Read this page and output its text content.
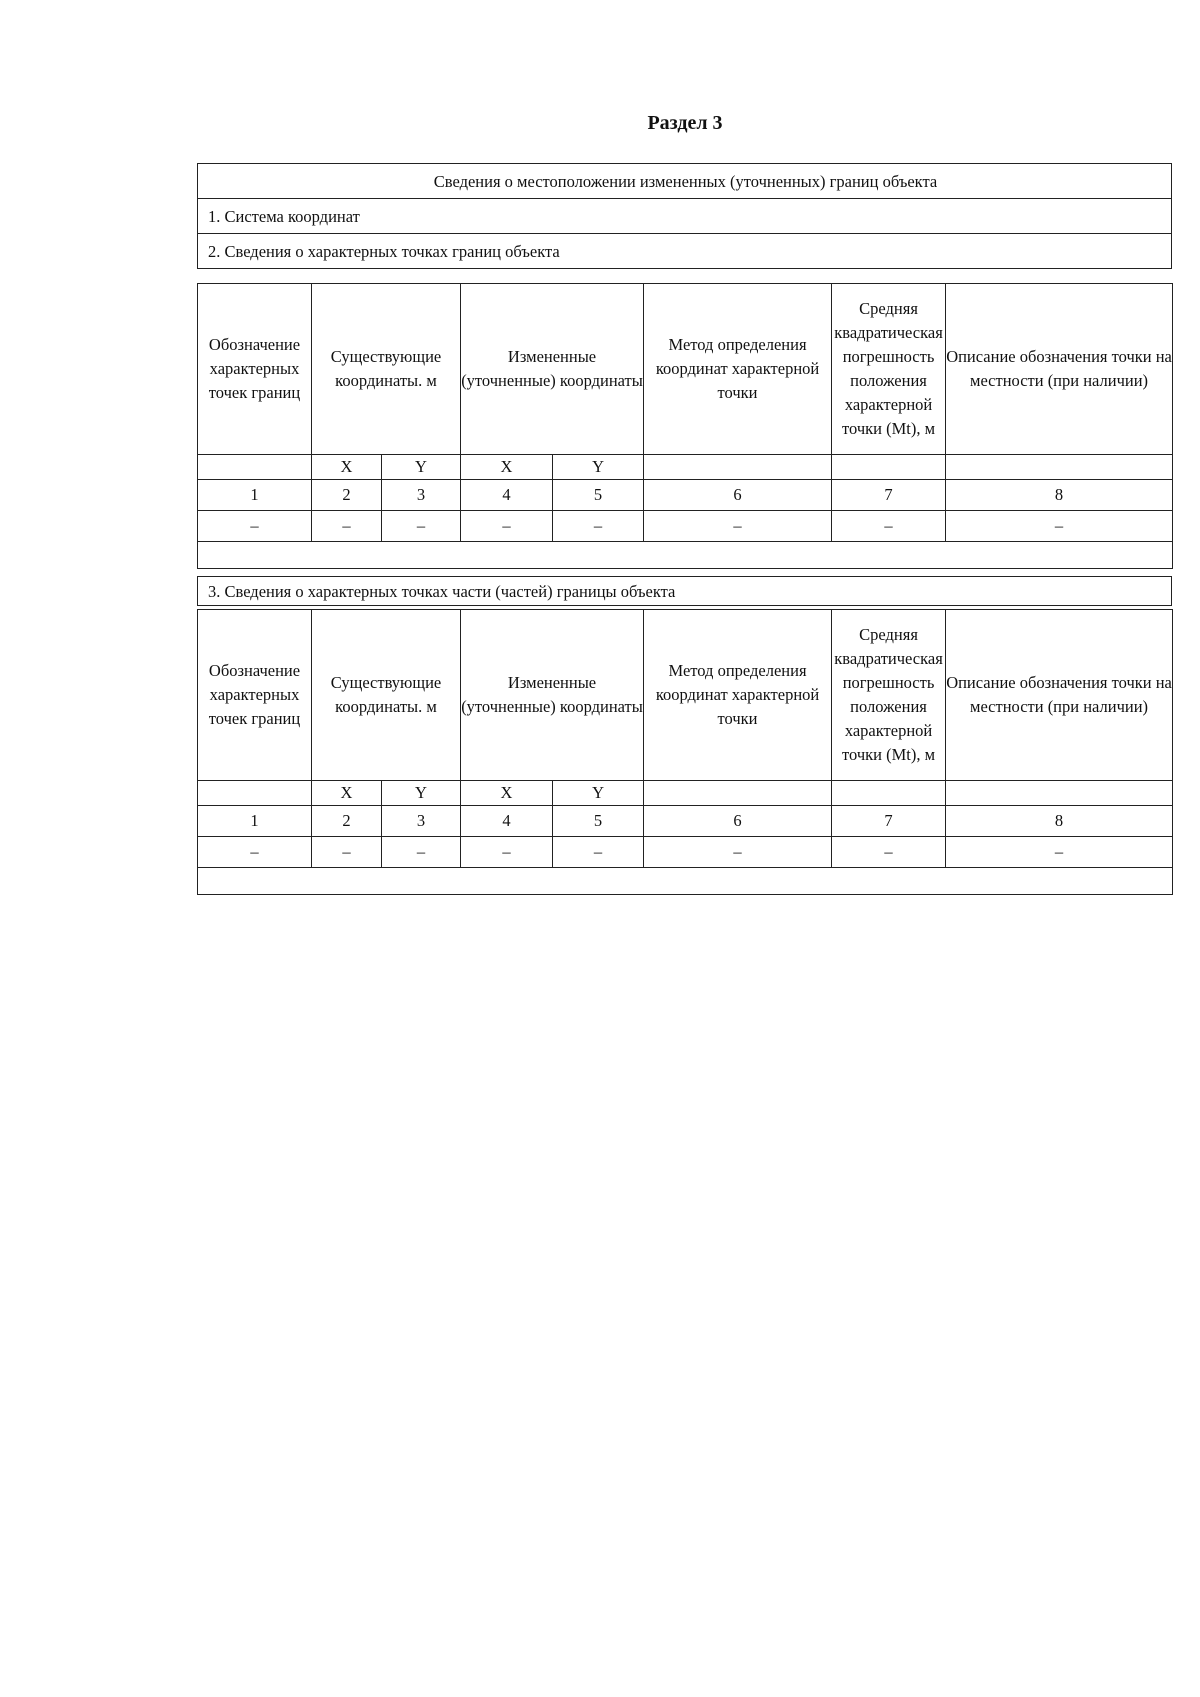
Раздел 3
Сведения о местоположении измененных (уточненных) границ объекта
1. Система координат
2. Сведения о характерных точках границ объекта
Обозначение характерных точек границ	Существующие координаты. м		Измененные (уточненные) координаты		Метод определения координат характерной точки	Средняя квадратическая погрешность положения характерной точки (Mt), м	Описание обозначения точки на местности (при наличии)
	X	Y	X	Y			
1	2	3	4	5	6	7	8
–	–	–	–	–	–	–	–

3. Сведения о характерных точках части (частей) границы объекта
Обозначение характерных точек границ	Существующие координаты. м		Измененные (уточненные) координаты		Метод определения координат характерной точки	Средняя квадратическая погрешность положения характерной точки (Mt), м	Описание обозначения точки на местности (при наличии)
	X	Y	X	Y			
1	2	3	4	5	6	7	8
–	–	–	–	–	–	–	–
